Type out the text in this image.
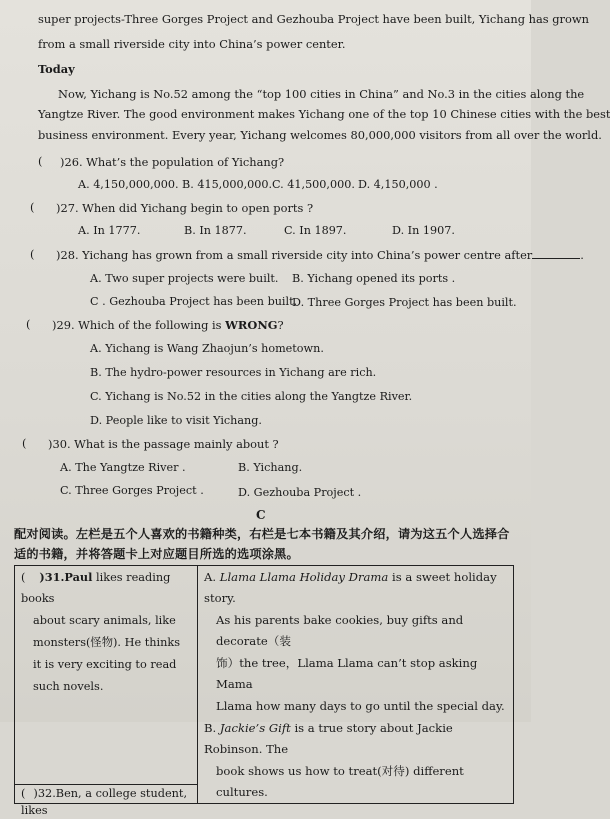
super projects-Three Gorges Project and Gezhouba Project have been built, Yichang has grown
from a small riverside city into China’s power center.
Today
Now, Yichang is No.52 among the “top 100 cities in China” and No.3 in the cities along the
Yangtze River. The good environment makes Yichang one of the top 10 Chinese cities with the best
business environment. Every year, Yichang welcomes 80,000,000 visitors from all over the world.
( )26. What’s the population of Yichang?
A. 4,150,000,000. B. 415,000,000. C. 41,500,000. D. 4,150,000 .
( )27. When did Yichang begin to open ports ?
A. In 1777.	B. In 1877.	C. In 1897.	D. In 1907.
( )28. Yichang has grown from a small riverside city into China’s power centre after	.
A. Two super projects were built. B. Yichang opened its ports .
C . Gezhouba Project has been built.
D. Three Gorges Project has been built.
( )29. Which of the following is WRONG?
A. Yichang is Wang Zhaojun’s hometown.
B. The hydro-power resources in Yichang are rich.
C. Yichang is No.52 in the cities along the Yangtze River.
D. People like to visit Yichang.
( )30. What is the passage mainly about ?
A. The Yangtze River .	B. Yichang.
C. Three Gorges Project .	D. Gezhouba Project .
C
配对阅读。左栏是五个人喜欢的书籍种类，右栏是七本书籍及其介绍，请为这五个人选择合
适的书籍，并将答题卡上对应题目所选的选项涂黑。
( )31.Paul likes reading books
about scary animals, like
monsters(怪物). He thinks
it is very exciting to read
such novels.
( )32.Ben, a college student, likes

A. Llama Llama Holiday Drama is a sweet holiday story.
As his parents bake cookies, buy gifts and decorate（装
饰）the tree，Llama Llama can’t stop asking Mama
Llama how many days to go until the special day.
B. Jackie’s Gift is a true story about Jackie Robinson. The
book shows us how to treat(对待) different cultures.
